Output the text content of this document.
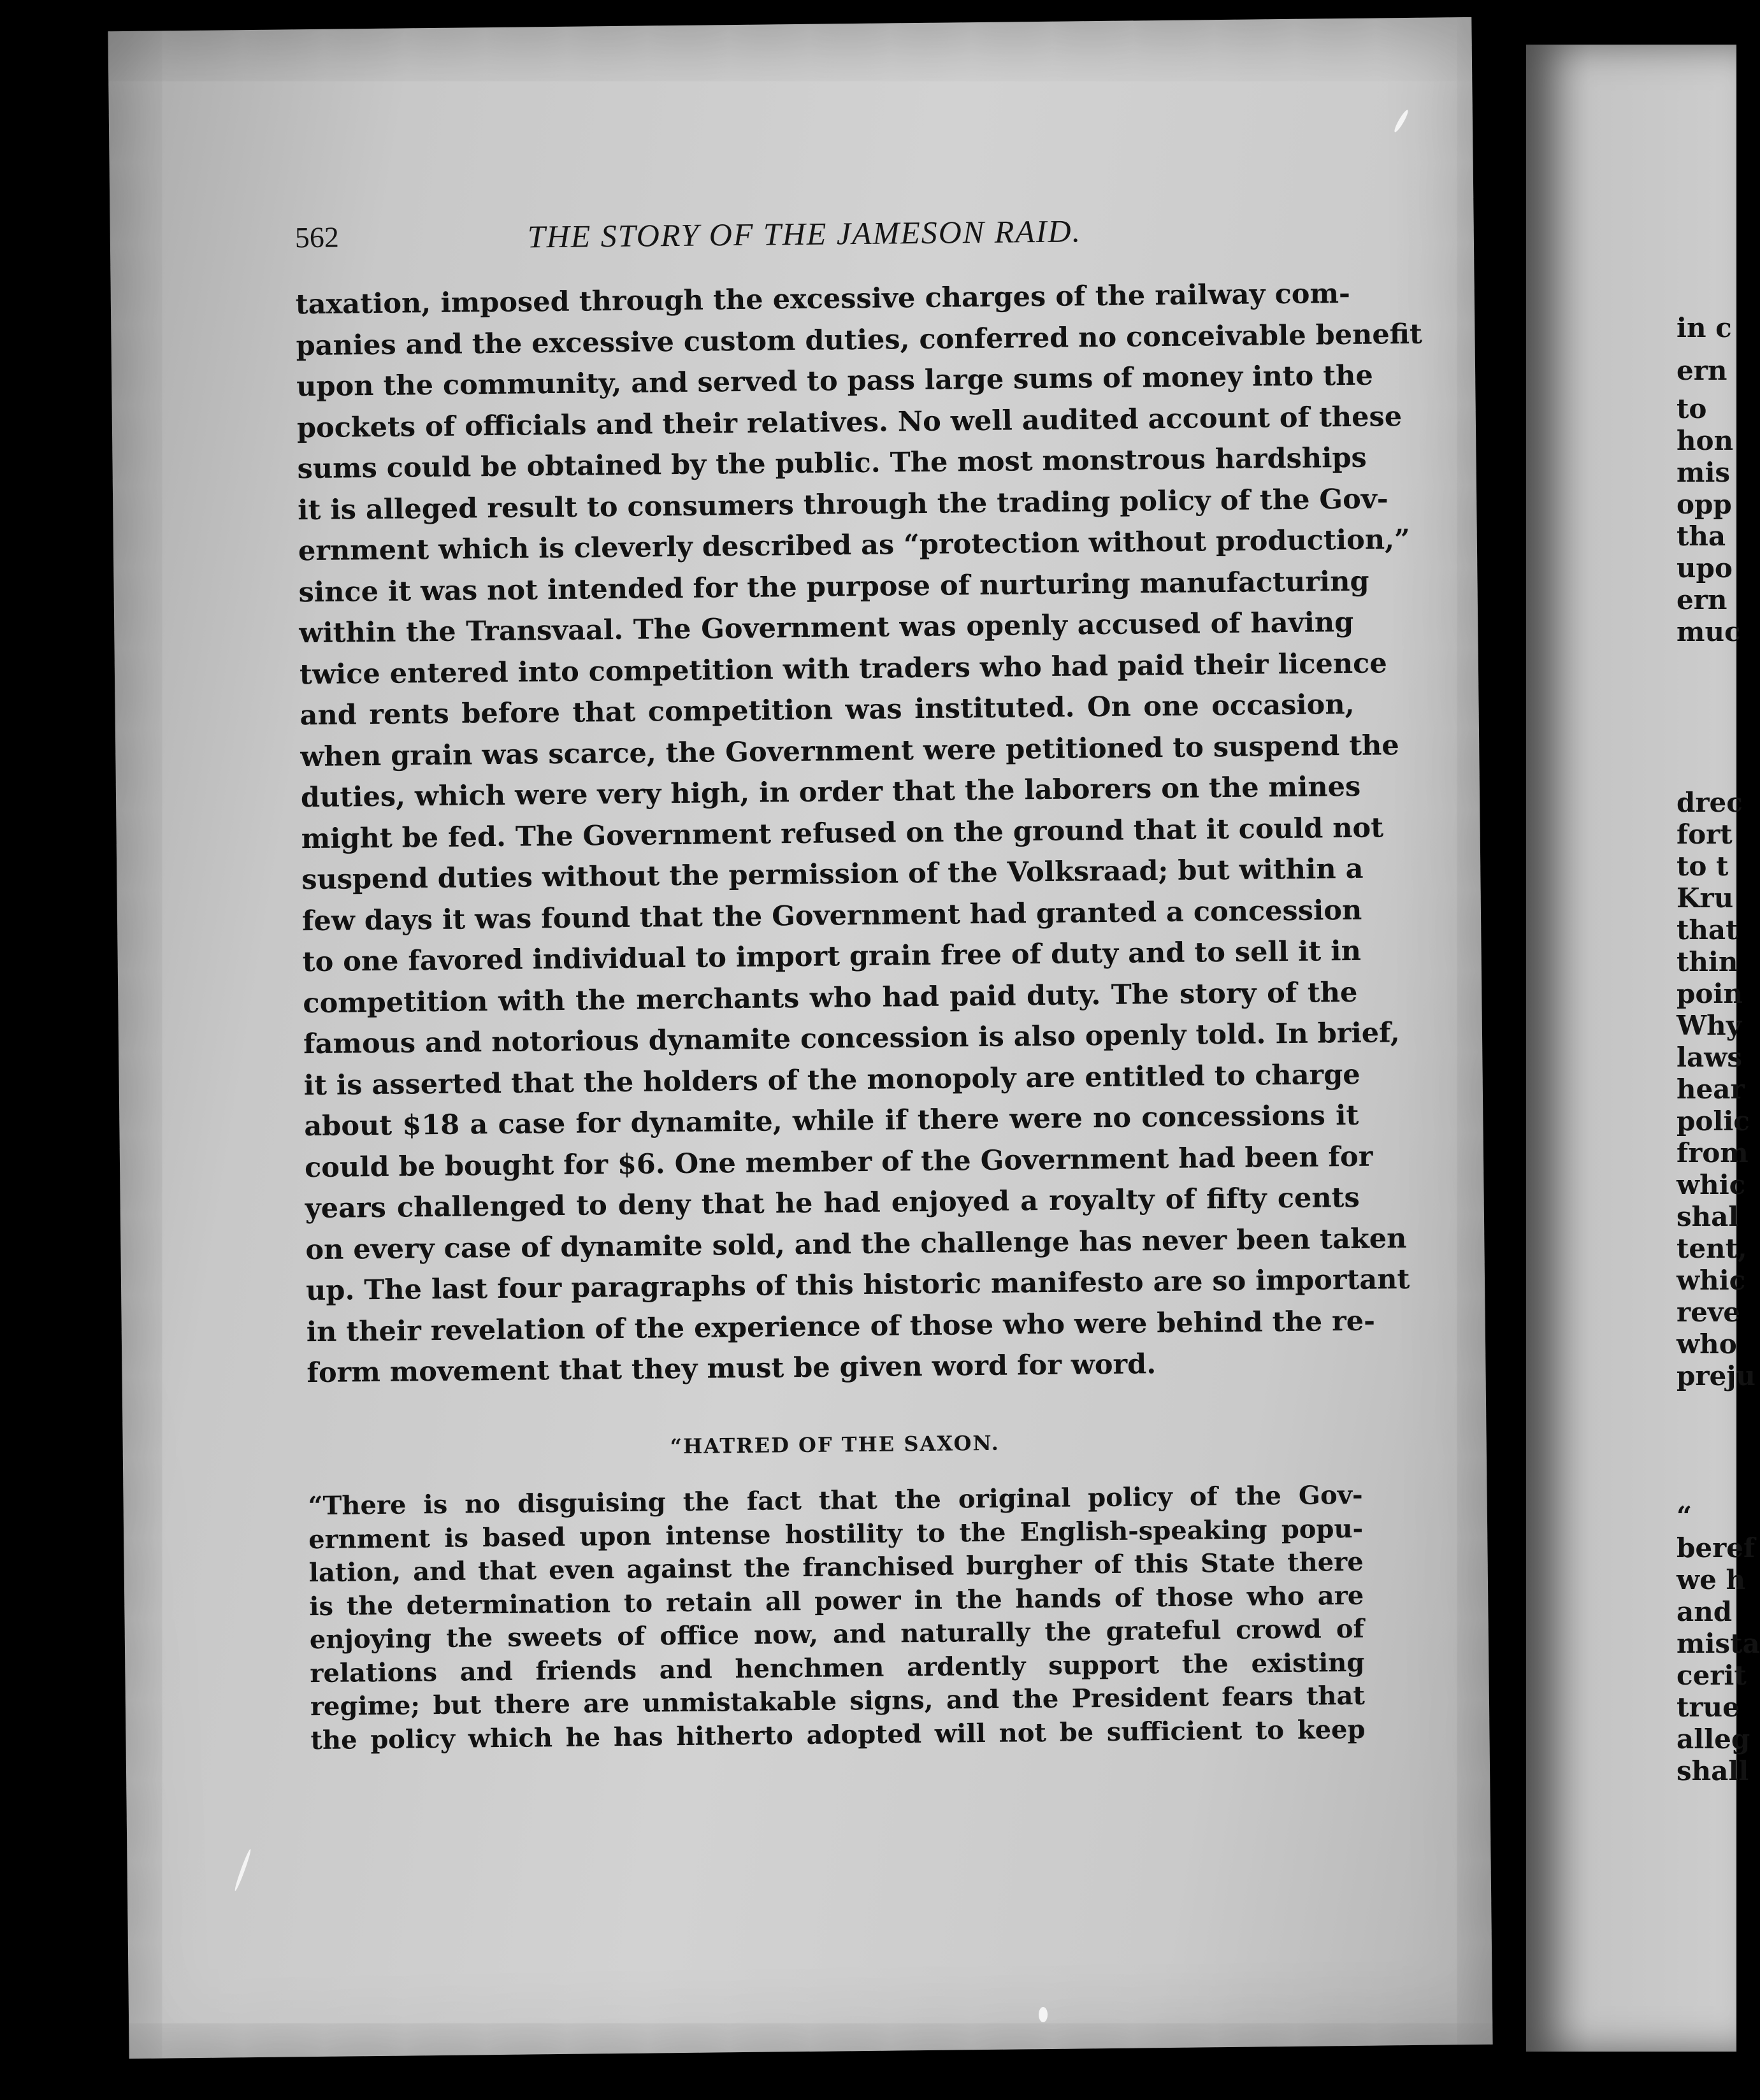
562	THE STORY OF THE JAMESON RAID.
taxation, imposed through the excessive charges of the railway com-
panies and the excessive custom duties, conferred no conceivable benefit
upon the community, and served to pass large sums of money into the
pockets of officials and their relatives. No well audited account of these
sums could be obtained by the public. The most monstrous hardships
it is alleged result to consumers through the trading policy of the Gov-
ernment which is cleverly described as “protection without production,”
since it was not intended for the purpose of nurturing manufacturing
within the Transvaal. The Government was openly accused of having
twice entered into competition with traders who had paid their licence
and rents before that competition was instituted. On one occasion,
when grain was scarce, the Government were petitioned to suspend the
duties, which were very high, in order that the laborers on the mines
might be fed. The Government refused on the ground that it could not
suspend duties without the permission of the Volksraad; but within a
few days it was found that the Government had granted a concession
to one favored individual to import grain free of duty and to sell it in
competition with the merchants who had paid duty. The story of the
famous and notorious dynamite concession is also openly told. In brief,
it is asserted that the holders of the monopoly are entitled to charge
about $18 a case for dynamite, while if there were no concessions it
could be bought for $6. One member of the Government had been for
years challenged to deny that he had enjoyed a royalty of fifty cents
on every case of dynamite sold, and the challenge has never been taken
up. The last four paragraphs of this historic manifesto are so important
in their revelation of the experience of those who were behind the re-
form movement that they must be given word for word.
“HATRED OF THE SAXON.
“There is no disguising the fact that the original policy of the Gov-
ernment is based upon intense hostility to the English-speaking popu-
lation, and that even against the franchised burgher of this State there
is the determination to retain all power in the hands of those who are
enjoying the sweets of office now, and naturally the grateful crowd of
relations and friends and henchmen ardently support the existing
regime; but there are unmistakable signs, and the President fears that
the policy which he has hitherto adopted will not be sufficient to keep
in c
ern
to
hon
mis
opp
tha
upo
ern
muc
drec
fort
to t
Kru
that
thin
poin
Why
laws
hear
polic
from
whic
shal
tent,
whic
reve
who
preju
“
beref
we h
and
mista
cerit
true
alleg
shall
